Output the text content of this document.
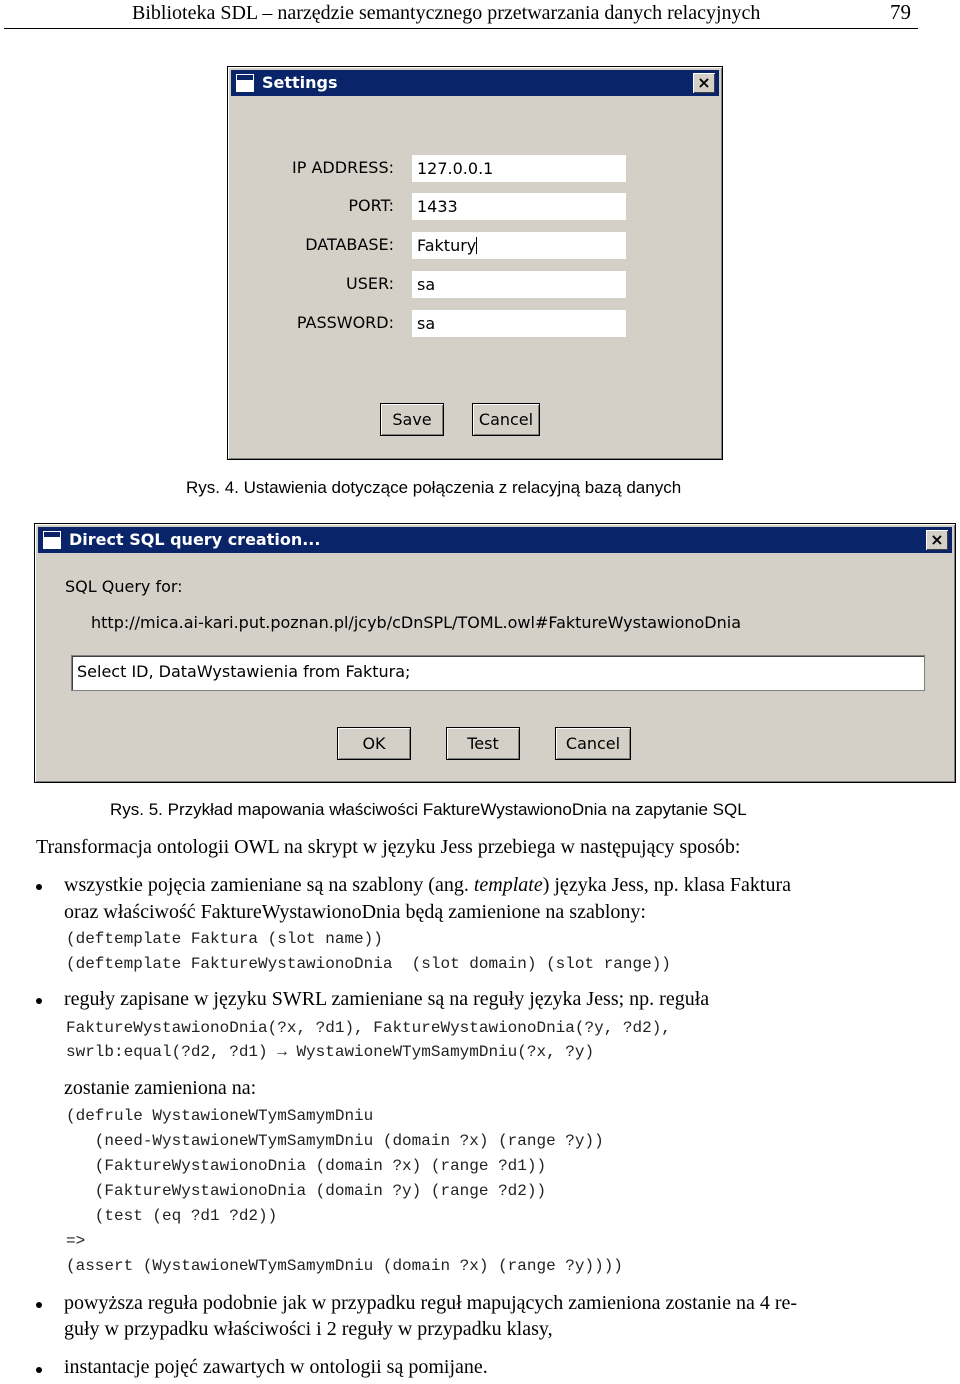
Biblioteka SDL – narzędzie semantycznego przetwarzania danych relacyjnych	79
Settings	×
IP ADDRESS:	127.0.0.1
PORT:	1433
DATABASE:	Faktury
USER:	sa
PASSWORD:	sa
Save	Cancel
Rys. 4. Ustawienia dotyczące połączenia z relacyjną bazą danych
Direct SQL query creation...	×
SQL Query for:
http://mica.ai-kari.put.poznan.pl/jcyb/cDnSPL/TOML.owl#FaktureWystawionoDnia
Select ID, DataWystawienia from Faktura;
OK	Test	Cancel
Rys. 5. Przykład mapowania właściwości FaktureWystawionoDnia na zapytanie SQL
Transformacja ontologii OWL na skrypt w języku Jess przebiega w następujący sposób:
wszystkie pojęcia zamieniane są na szablony (ang. template) języka Jess, np. klasa Faktura
oraz właściwość FaktureWystawionoDnia będą zamienione na szablony:
(deftemplate Faktura (slot name))
(deftemplate FaktureWystawionoDnia  (slot domain) (slot range))
reguły zapisane w języku SWRL zamieniane są na reguły języka Jess; np. reguła
FaktureWystawionoDnia(?x, ?d1), FaktureWystawionoDnia(?y, ?d2),
swrlb:equal(?d2, ?d1) → WystawioneWTymSamymDniu(?x, ?y)
zostanie zamieniona na:
(defrule WystawioneWTymSamymDniu
(need-WystawioneWTymSamymDniu (domain ?x) (range ?y))
(FaktureWystawionoDnia (domain ?x) (range ?d1))
(FaktureWystawionoDnia (domain ?y) (range ?d2))
(test (eq ?d1 ?d2))
=>
(assert (WystawioneWTymSamymDniu (domain ?x) (range ?y))))
powyższa reguła podobnie jak w przypadku reguł mapujących zamieniona zostanie na 4 re-
guły w przypadku właściwości i 2 reguły w przypadku klasy,
instantacje pojęć zawartych w ontologii są pomijane.
